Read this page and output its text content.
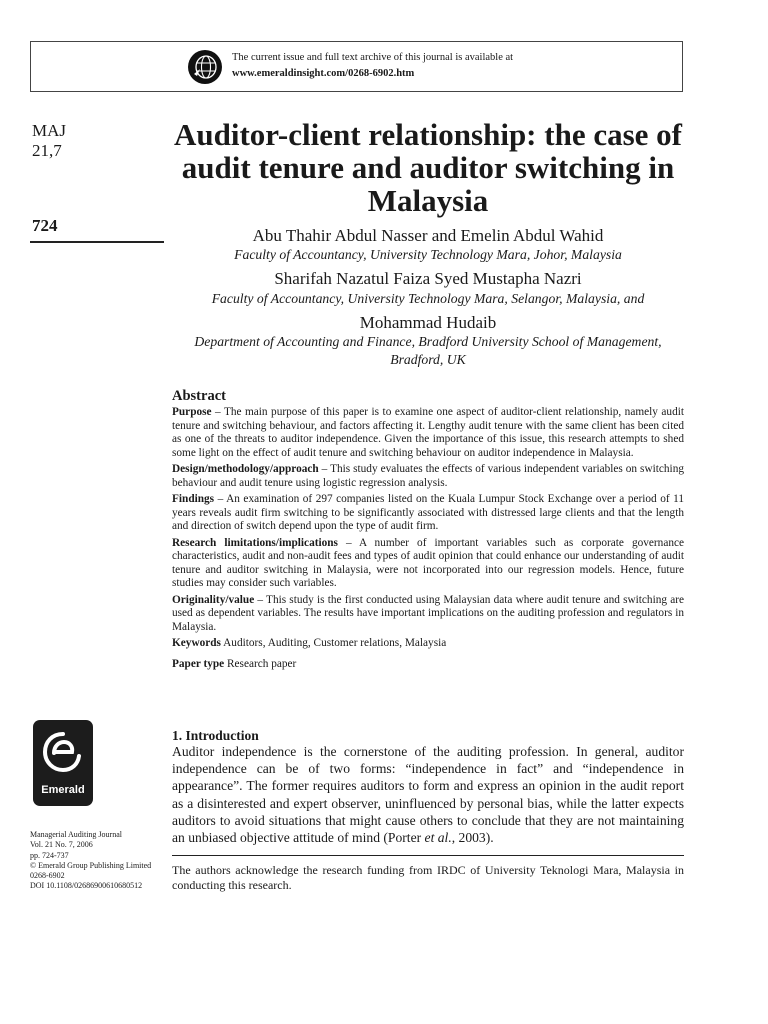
The current issue and full text archive of this journal is available at
www.emeraldinsight.com/0268-6902.htm
MAJ
21,7
724
Emerald
Managerial Auditing Journal
Vol. 21 No. 7, 2006
pp. 724-737
© Emerald Group Publishing Limited
0268-6902
DOI 10.1108/02686900610680512
Auditor-client relationship: the case of audit tenure and auditor switching in Malaysia
Abu Thahir Abdul Nasser and Emelin Abdul Wahid
Faculty of Accountancy, University Technology Mara, Johor, Malaysia
Sharifah Nazatul Faiza Syed Mustapha Nazri
Faculty of Accountancy, University Technology Mara, Selangor, Malaysia, and
Mohammad Hudaib
Department of Accounting and Finance, Bradford University School of Management, Bradford, UK
Abstract

Purpose – The main purpose of this paper is to examine one aspect of auditor-client relationship, namely audit tenure and switching behaviour, and factors affecting it. Lengthy audit tenure with the same client has been cited as one of the threats to auditor independence. Given the importance of this issue, this research attempts to shed some light on the effect of audit tenure and switching behaviour on auditor independence in Malaysia.

Design/methodology/approach – This study evaluates the effects of various independent variables on switching behaviour and audit tenure using logistic regression analysis.

Findings – An examination of 297 companies listed on the Kuala Lumpur Stock Exchange over a period of 11 years reveals audit firm switching to be significantly associated with distressed large clients and that the length and direction of switch depend upon the type of audit firm.

Research limitations/implications – A number of important variables such as corporate governance characteristics, audit and non-audit fees and types of audit opinion that could enhance our understanding of audit tenure and auditor switching in Malaysia, were not incorporated into our regression models. Hence, future studies may consider such variables.

Originality/value – This study is the first conducted using Malaysian data where audit tenure and switching are used as dependent variables. The results have important implications on the auditing profession and regulators in Malaysia.

Keywords Auditors, Auditing, Customer relations, Malaysia

Paper type Research paper

1. Introduction

Auditor independence is the cornerstone of the auditing profession. In general, auditor independence can be of two forms: “independence in fact” and “independence in appearance”. The former requires auditors to form and express an opinion in the audit report as a disinterested and expert observer, uninfluenced by personal bias, while the latter expects auditors to avoid situations that might cause others to conclude that they are not maintaining an unbiased objective attitude of mind (Porter et al., 2003).

The authors acknowledge the research funding from IRDC of University Teknologi Mara, Malaysia in conducting this research.
